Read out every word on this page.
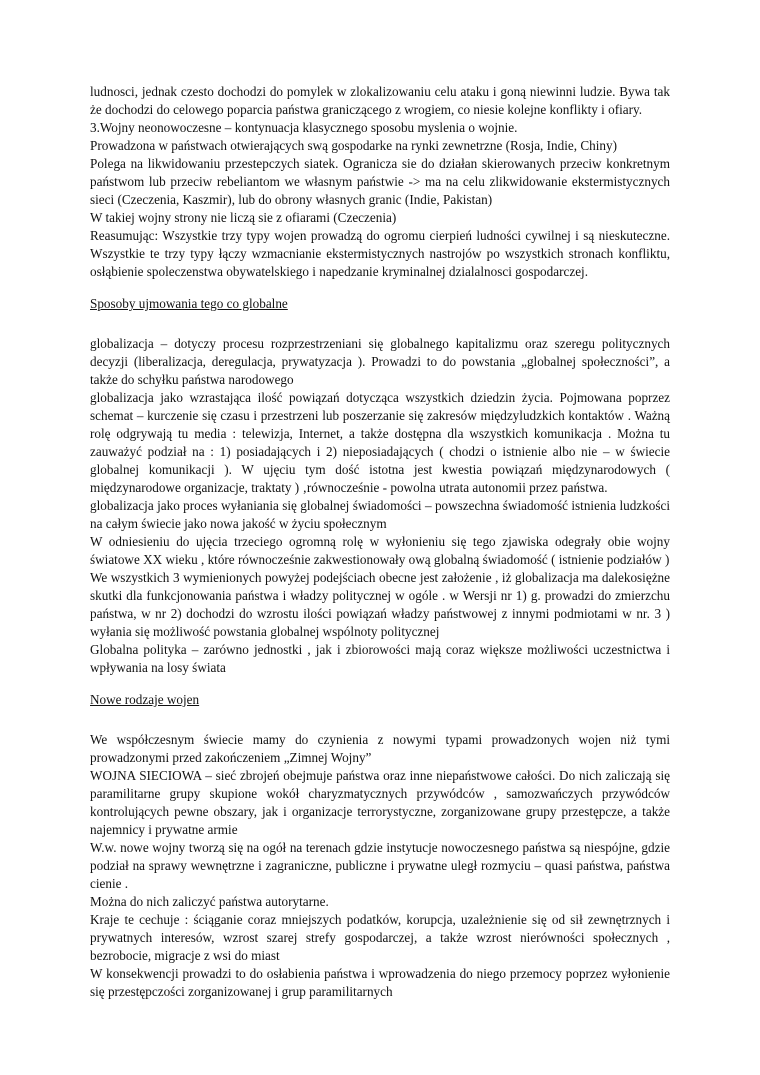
ludnosci, jednak czesto dochodzi do pomylek w zlokalizowaniu celu ataku i goną niewinni ludzie. Bywa tak że dochodzi do celowego poparcia państwa graniczącego z wrogiem, co niesie kolejne konflikty i ofiary.

3.Wojny neonowoczesne – kontynuacja klasycznego sposobu myslenia o wojnie.

Prowadzona w państwach otwierających swą gospodarke na rynki zewnetrzne (Rosja, Indie, Chiny)

Polega na likwidowaniu przestepczych siatek. Ogranicza sie do działan skierowanych przeciw konkretnym państwom lub przeciw rebeliantom we własnym państwie -> ma na celu zlikwidowanie ekstermistycznych sieci (Czeczenia, Kaszmir), lub do obrony własnych granic (Indie, Pakistan)

W takiej wojny strony nie liczą sie z ofiarami (Czeczenia)

Reasumując: Wszystkie trzy typy wojen prowadzą do ogromu cierpień ludności cywilnej i są nieskuteczne. Wszystkie te trzy typy łączy wzmacnianie ekstermistycznych nastrojów po wszystkich stronach konfliktu, osłąbienie spoleczenstwa obywatelskiego i napedzanie kryminalnej dzialalnosci gospodarczej.

Sposoby ujmowania tego co globalne

globalizacja – dotyczy procesu rozprzestrzeniani się globalnego kapitalizmu oraz szeregu politycznych decyzji (liberalizacja, deregulacja, prywatyzacja ). Prowadzi to do powstania „globalnej społeczności”, a także do schyłku państwa narodowego

globalizacja jako wzrastająca ilość powiązań dotycząca wszystkich dziedzin życia. Pojmowana poprzez schemat – kurczenie się czasu i przestrzeni lub poszerzanie się zakresów międzyludzkich kontaktów . Ważną rolę odgrywają tu media : telewizja, Internet, a także dostępna dla wszystkich komunikacja . Można tu zauważyć podział na : 1) posiadających i 2) nieposiadających ( chodzi o istnienie albo nie – w świecie globalnej komunikacji ). W ujęciu tym dość istotna jest kwestia powiązań międzynarodowych ( międzynarodowe organizacje, traktaty ) ‚równocześnie - powolna utrata autonomii przez państwa.

globalizacja jako proces wyłaniania się globalnej świadomości – powszechna świadomość istnienia ludzkości na całym świecie jako nowa jakość w życiu społecznym

W odniesieniu do ujęcia trzeciego ogromną rolę w wyłonieniu się tego zjawiska odegrały obie wojny światowe XX wieku , które równocześnie zakwestionowały ową globalną świadomość ( istnienie podziałów )

We wszystkich 3 wymienionych powyżej podejściach obecne jest założenie , iż globalizacja ma dalekosiężne skutki dla funkcjonowania państwa i władzy politycznej w ogóle . w Wersji nr 1) g. prowadzi do zmierzchu państwa, w nr 2) dochodzi do wzrostu ilości powiązań władzy państwowej z innymi podmiotami w nr. 3 ) wyłania się możliwość powstania globalnej wspólnoty politycznej

Globalna polityka – zarówno jednostki , jak i zbiorowości mają coraz większe możliwości uczestnictwa i wpływania na losy świata

Nowe rodzaje wojen

We współczesnym świecie mamy do czynienia z nowymi typami prowadzonych wojen niż tymi prowadzonymi przed zakończeniem „Zimnej Wojny”

WOJNA SIECIOWA – sieć zbrojeń obejmuje państwa oraz inne niepaństwowe całości. Do nich zaliczają się paramilitarne grupy skupione wokół charyzmatycznych przywódców , samozwańczych przywódców kontrolujących pewne obszary, jak i organizacje terrorystyczne, zorganizowane grupy przestępcze, a także najemnicy i prywatne armie

W.w. nowe wojny tworzą się na ogół na terenach gdzie instytucje nowoczesnego państwa są niespójne, gdzie podział na sprawy wewnętrzne i zagraniczne, publiczne i prywatne uległ rozmyciu – quasi państwa, państwa cienie .

Można do nich zaliczyć państwa autorytarne.

Kraje te cechuje : ściąganie coraz mniejszych podatków, korupcja, uzależnienie się od sił zewnętrznych i prywatnych interesów, wzrost szarej strefy gospodarczej, a także wzrost nierówności społecznych , bezrobocie, migracje z wsi do miast

W konsekwencji prowadzi to do osłabienia państwa i wprowadzenia do niego przemocy poprzez wyłonienie się przestępczości zorganizowanej i grup paramilitarnych
